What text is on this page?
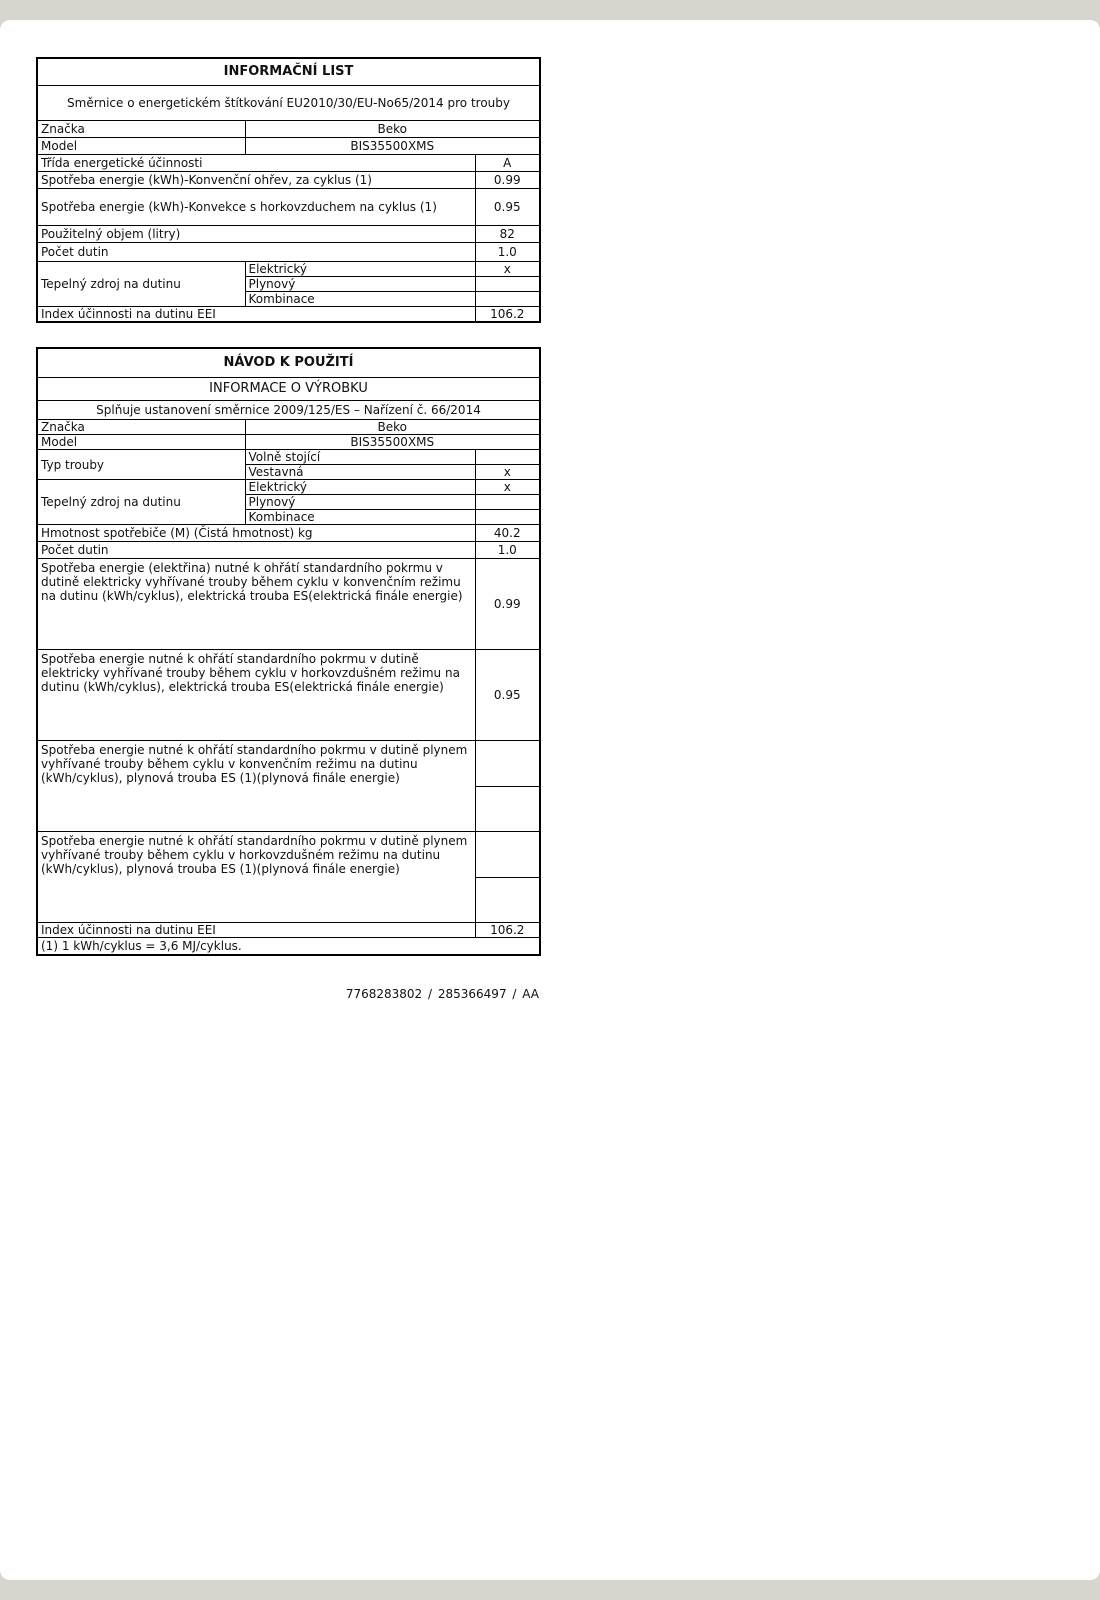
INFORMAČNÍ LIST		
Směrnice o energetickém štítkování EU2010/30/EU-No65/2014 pro trouby		
Značka	Beko	
Model	BIS35500XMS	
Třída energetické účinnosti		A
Spotřeba energie (kWh)-Konvenční ohřev, za cyklus (1)		0.99
Spotřeba energie (kWh)-Konvekce s horkovzduchem na cyklus (1)		0.95
Použitelný objem (litry)		82
Počet dutin		1.0
Tepelný zdroj na dutinu	Elektrický	x
	Plynový	
	Kombinace	
Index účinnosti na dutinu EEI		106.2
NÁVOD K POUŽITÍ		
INFORMACE O VÝROBKU		
Splňuje ustanovení směrnice 2009/125/ES – Nařízení č. 66/2014		
Značka	Beko	
Model	BIS35500XMS	
Typ trouby	Volně stojící	
	Vestavná	x
Tepelný zdroj na dutinu	Elektrický	x
	Plynový	
	Kombinace	
Hmotnost spotřebiče (M) (Čistá hmotnost) kg		40.2
Počet dutin		1.0
Spotřeba energie (elektřina) nutné k ohřátí standardního pokrmu v dutině elektricky vyhřívané trouby během cyklu v konvenčním režimu na dutinu (kWh/cyklus), elektrická trouba ES(elektrická finále energie)		0.99
Spotřeba energie nutné k ohřátí standardního pokrmu v dutině elektricky vyhřívané trouby během cyklu v horkovzdušném režimu na dutinu (kWh/cyklus), elektrická trouba ES(elektrická finále energie)		0.95
Spotřeba energie nutné k ohřátí standardního pokrmu v dutině plynem vyhřívané trouby během cyklu v konvenčním režimu na dutinu (kWh/cyklus), plynová trouba ES (1)(plynová finále energie)		

Spotřeba energie nutné k ohřátí standardního pokrmu v dutině plynem vyhřívané trouby během cyklu v horkovzdušném režimu na dutinu (kWh/cyklus), plynová trouba ES (1)(plynová finále energie)		

Index účinnosti na dutinu EEI		106.2
(1) 1 kWh/cyklus = 3,6 MJ/cyklus.		
7768283802 / 285366497 / AA
